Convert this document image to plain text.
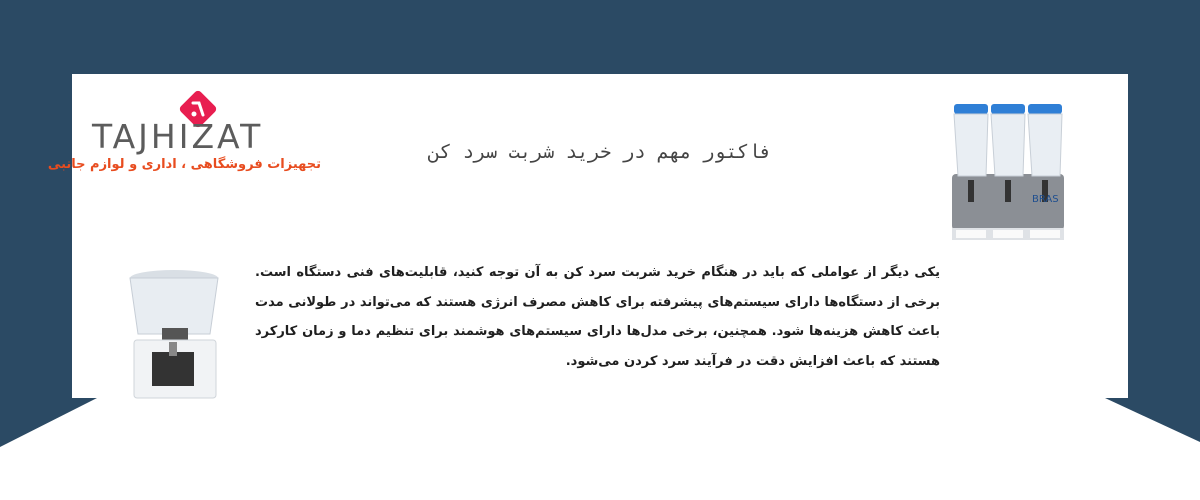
TAJHIZAT
تجهیزات فروشگاهی ، اداری و لوازم جانبی
فاکتور مهم در خرید شربت سرد کن
یکی دیگر از عواملی که باید در هنگام خرید شربت سرد کن به آن توجه کنید، قابلیت‌های فنی دستگاه است. برخی از دستگاه‌ها دارای سیستم‌های پیشرفته برای کاهش مصرف انرژی هستند که می‌تواند در طولانی مدت باعث کاهش هزینه‌ها شود. همچنین، برخی مدل‌ها دارای سیستم‌های هوشمند برای تنظیم دما و زمان کارکرد هستند که باعث افزایش دقت در فرآیند سرد کردن می‌شود.
BRAS
